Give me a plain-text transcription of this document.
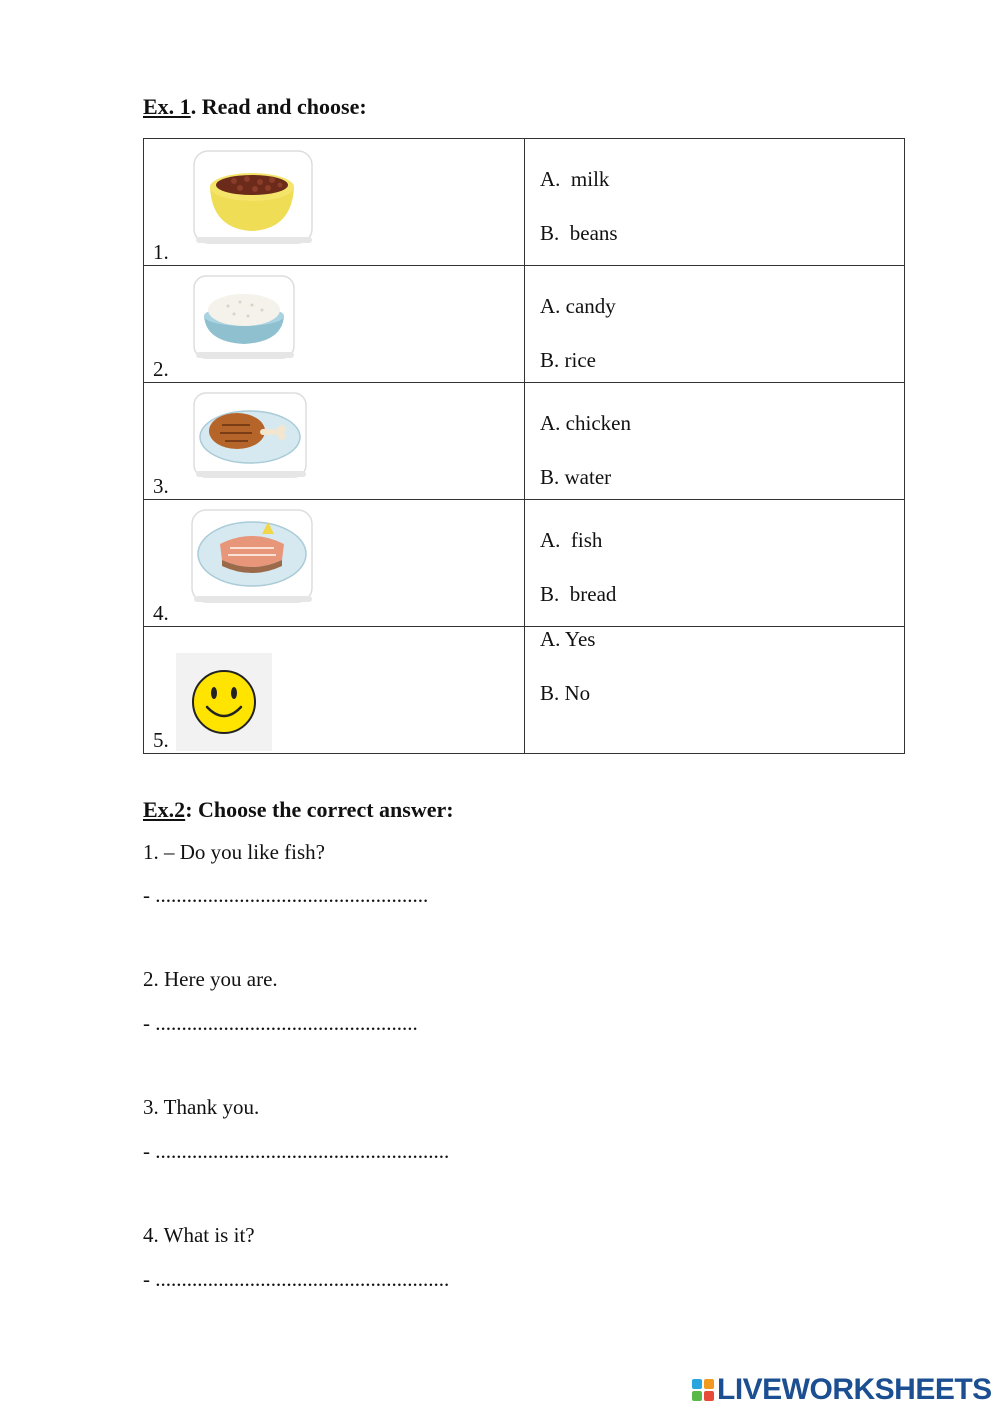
Ex. 1. Read and choose:
1.	A.  milk
B.  beans

2.	A. candy
B. rice

3.	A. chicken
B. water

4.	A.  fish
B.  bread

5.	A. Yes
B. No
Ex.2: Choose the correct answer:
1. – Do you like fish?
- ....................................................
2. Here you are.
- ..................................................
3. Thank you.
- ........................................................
4. What is it?
- ........................................................
LIVEWORKSHEETS
